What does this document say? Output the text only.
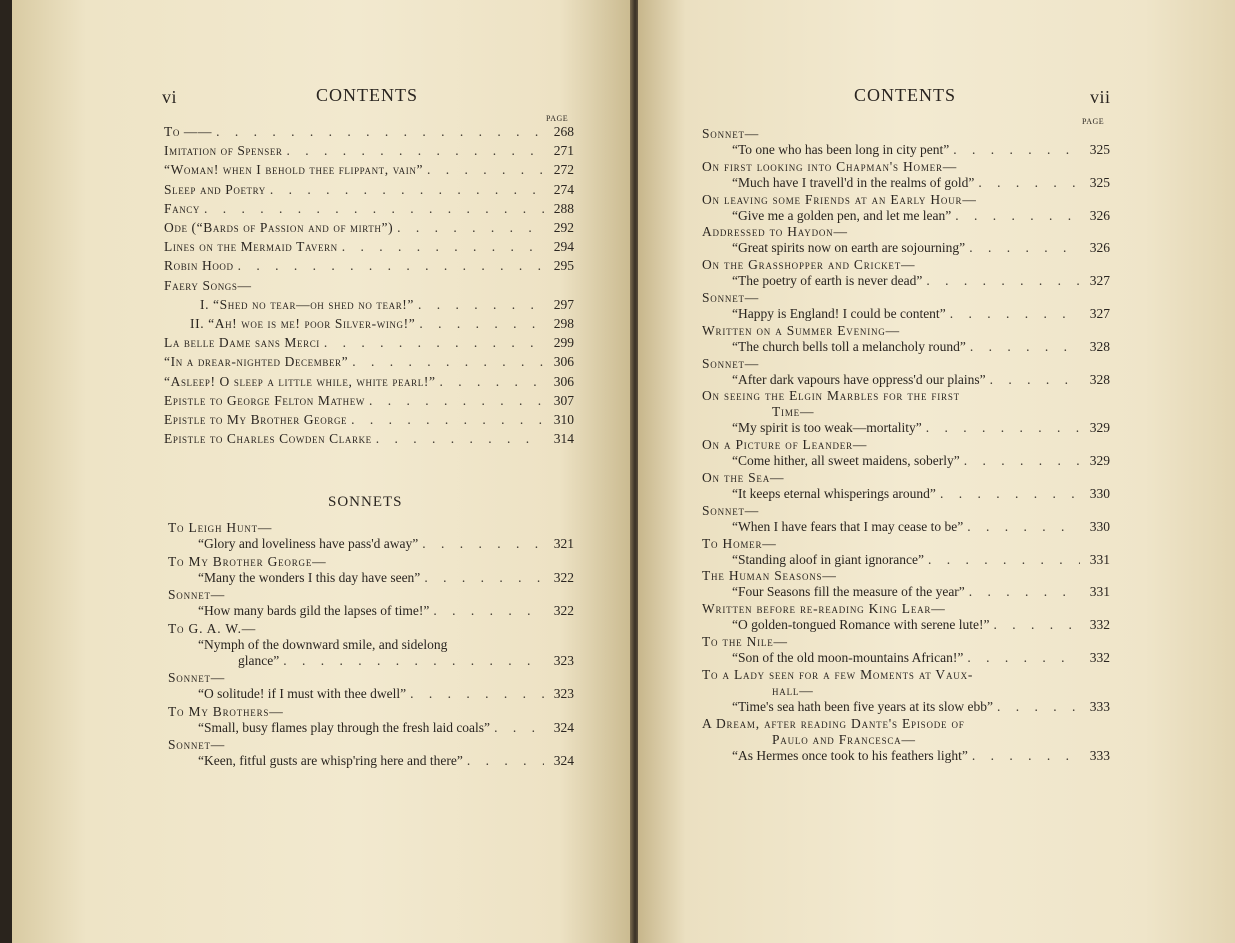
vi	CONTENTS
PAGE
To —— . . .	268
Imitation of Spenser . . .	271
“Woman! when I behold thee flippant, vain” . . .	272
Sleep and Poetry . . .	274
Fancy . . .	288
Ode (“Bards of Passion and of mirth”) . . .	292
Lines on the Mermaid Tavern . . .	294
Robin Hood . . .	295
Faery Songs—
I. “Shed no tear—oh shed no tear!” . . .	297
II. “Ah! woe is me! poor Silver-wing!” . . .	298
La belle Dame sans Merci . . .	299
“In a drear-nighted December” . . .	306
“Asleep! O sleep a little while, white pearl!” . . .	306
Epistle to George Felton Mathew . . .	307
Epistle to My Brother George . . .	310
Epistle to Charles Cowden Clarke . . .	314
SONNETS
To Leigh Hunt—
“Glory and loveliness have pass'd away” . . .	321
To My Brother George—
“Many the wonders I this day have seen” . . .	322
Sonnet—
“How many bards gild the lapses of time!” . . .	322
To G. A. W.—
“Nymph of the downward smile, and sidelong
glance” . . .	323
Sonnet—
“O solitude! if I must with thee dwell” . . .	323
To My Brothers—
“Small, busy flames play through the fresh laid coals” . . .	324
Sonnet—
“Keen, fitful gusts are whisp'ring here and there” . . .	324
CONTENTS	vii
PAGE
Sonnet—
“To one who has been long in city pent” . . .	325
On first looking into Chapman's Homer—
“Much have I travell'd in the realms of gold” . . .	325
On leaving some Friends at an Early Hour—
“Give me a golden pen, and let me lean” . . .	326
Addressed to Haydon—
“Great spirits now on earth are sojourning” . . .	326
On the Grasshopper and Cricket—
“The poetry of earth is never dead” . . .	327
Sonnet—
“Happy is England! I could be content” . . .	327
Written on a Summer Evening—
“The church bells toll a melancholy round” . . .	328
Sonnet—
“After dark vapours have oppress'd our plains” . . .	328
On seeing the Elgin Marbles for the first
Time—
“My spirit is too weak—mortality” . . .	329
On a Picture of Leander—
“Come hither, all sweet maidens, soberly” . . .	329
On the Sea—
“It keeps eternal whisperings around” . . .	330
Sonnet—
“When I have fears that I may cease to be” . . .	330
To Homer—
“Standing aloof in giant ignorance” . . .	331
The Human Seasons—
“Four Seasons fill the measure of the year” . . .	331
Written before re-reading King Lear—
“O golden-tongued Romance with serene lute!” . . .	332
To the Nile—
“Son of the old moon-mountains African!” . . .	332
To a Lady seen for a few Moments at Vaux-
hall—
“Time's sea hath been five years at its slow ebb” . . .	333
A Dream, after reading Dante's Episode of
Paulo and Francesca—
“As Hermes once took to his feathers light” . . .	333
